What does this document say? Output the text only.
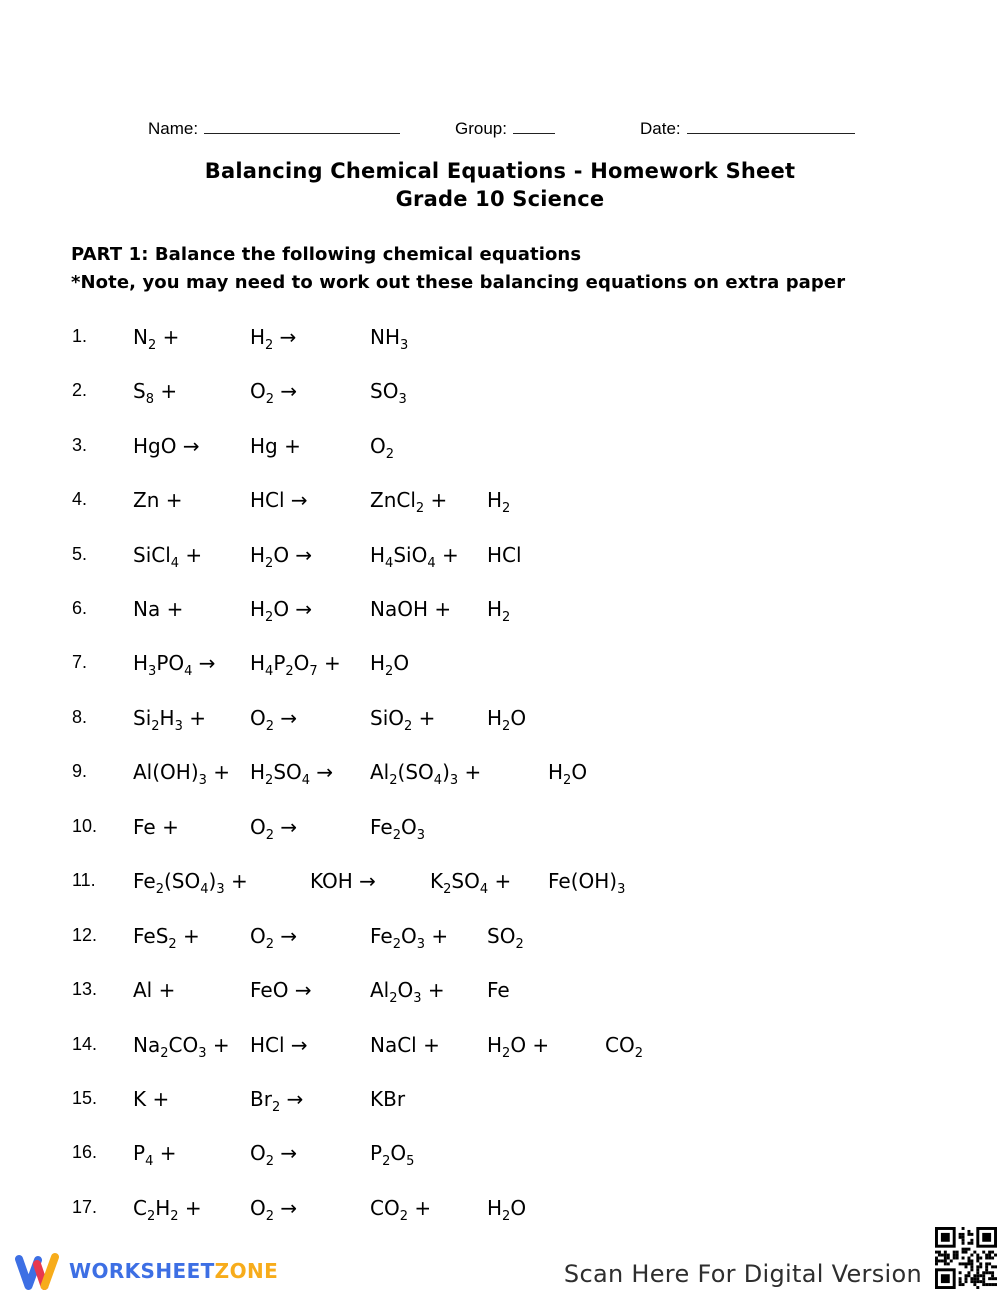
Name:	Group:	Date:
Balancing Chemical Equations - Homework Sheet
Grade 10 Science
PART 1: Balance the following chemical equations
*Note, you may need to work out these balancing equations on extra paper
1. $N_2$ +	$H_2$ →	$NH_3$
2. $S_8$ +	$O_2$ →	$SO_3$
3. HgO →	Hg +	$O_2$
4. Zn +	HCl →	ZnCl$_2$ + $H_2$
5. SiCl$_4$ + $H_2O$ →	$H_4SiO_4$ + HCl
6. Na +	$H_2O$ →	NaOH + $H_2$
7. $H_3PO_4 \to H_4P_2O_7 + H_2O$
8. $Si_2H_3 + O_2$ →	SiO$_2$ +	$H_2O$
9. $Al(OH)_3 + H_2SO_4 \to Al_2(SO_4)_3$ +	$H_2O$
10. Fe +	$O_2$ →	$Fe_2O_3$
11. $Fe_2(SO_4)_3$ +	KOH →	$K_2SO_4 + Fe(OH)_3$
12. FeS$_2$ +	$O_2$ →	$Fe_2O_3 + SO_2$
13. Al +	FeO →	$Al_2O_3 + Fe$
14. $Na_2CO_3$ + HCl →	NaCl + $H_2O$ +	$CO_2$
15. K +	$Br_2$ →	KBr
16. $P_4$ +	$O_2$ →	$P_2O_5$
17. $C_2H_2 + O_2$ →	$CO_2$ +	$H_2O$
WORKSHEETZONE	Scan Here For Digital Version
